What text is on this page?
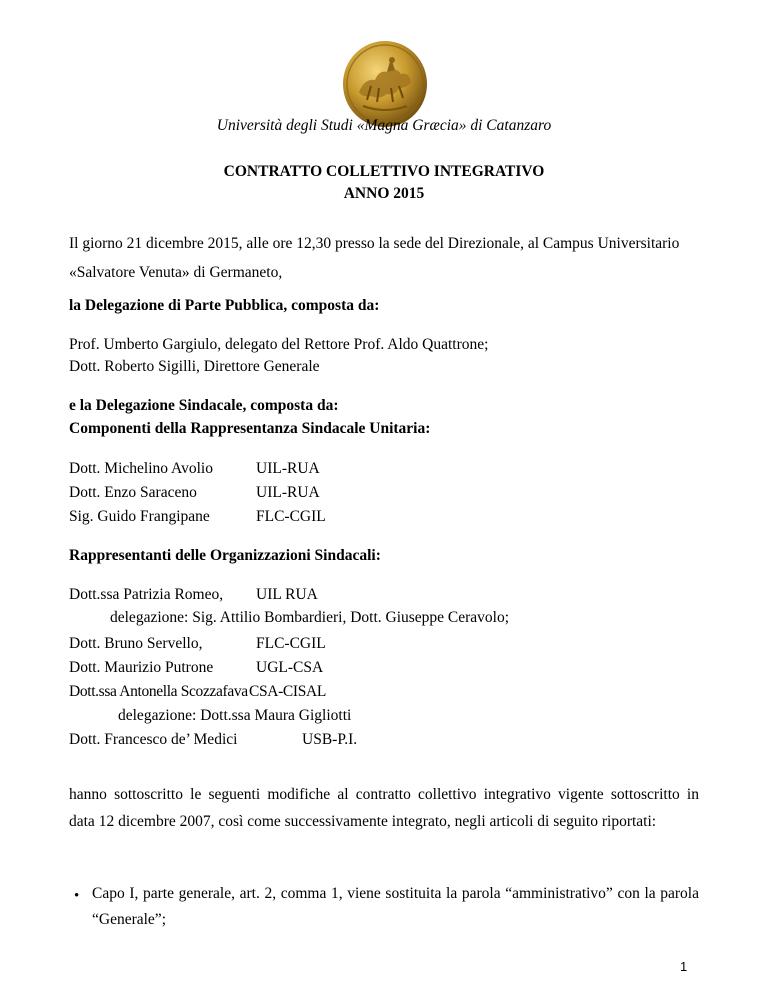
Università degli Studi «Magna Græcia» di Catanzaro
CONTRATTO COLLETTIVO INTEGRATIVO
ANNO 2015
Il giorno 21 dicembre 2015, alle ore 12,30 presso la sede del Direzionale, al Campus Universitario
«Salvatore Venuta» di Germaneto,
la Delegazione di Parte Pubblica, composta da:
Prof. Umberto Gargiulo, delegato del Rettore Prof. Aldo Quattrone;
Dott. Roberto Sigilli, Direttore Generale
e la Delegazione Sindacale, composta da:
Componenti della Rappresentanza Sindacale Unitaria:
Dott. Michelino Avolio	UIL-RUA
Dott. Enzo Saraceno	UIL-RUA
Sig. Guido Frangipane	FLC-CGIL
Rappresentanti delle Organizzazioni Sindacali:
Dott.ssa Patrizia Romeo, UIL RUA
delegazione: Sig. Attilio Bombardieri, Dott. Giuseppe Ceravolo;
Dott. Bruno Servello,	FLC-CGIL
Dott. Maurizio Putrone	UGL-CSA
Dott.ssa Antonella Scozzafava CSA-CISAL
delegazione: Dott.ssa Maura Gigliotti
Dott. Francesco de’ Medici	USB-P.I.
hanno sottoscritto le seguenti modifiche al contratto collettivo integrativo vigente sottoscritto in
data 12 dicembre 2007, così come successivamente integrato, negli articoli di seguito riportati:
• Capo I, parte generale, art. 2, comma 1, viene sostituita la parola “amministrativo” con la parola
“Generale”;
1
